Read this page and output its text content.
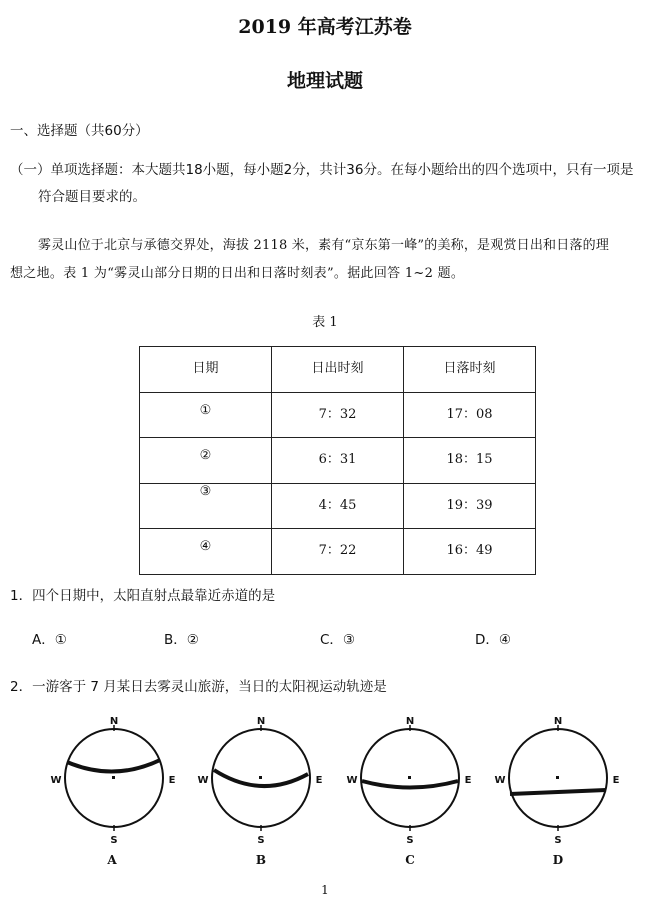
2019 年高考江苏卷
地理试题
一、选择题（共60分）
（一）单项选择题：本大题共18小题，每小题2分，共计36分。在每小题给出的四个选项中，只有一项是
符合题目要求的。
雾灵山位于北京与承德交界处，海拔 2118 米，素有“京东第一峰”的美称，是观赏日出和日落的理
想之地。表 1 为“雾灵山部分日期的日出和日落时刻表”。据此回答 1~2 题。
表 1
日期	日出时刻	日落时刻
①	7：32	17：08
②	6：31	18：15
③	4：45	19：39
④	7：22	16：49
1．四个日期中，太阳直射点最靠近赤道的是
A．①	B．②	C．③	D．④
2．一游客于 7 月某日去雾灵山旅游，当日的太阳视运动轨迹是
N
W	E
S
A
N
W	E
S
B
N
W	E
S
C
N
W	E
S
D
1
